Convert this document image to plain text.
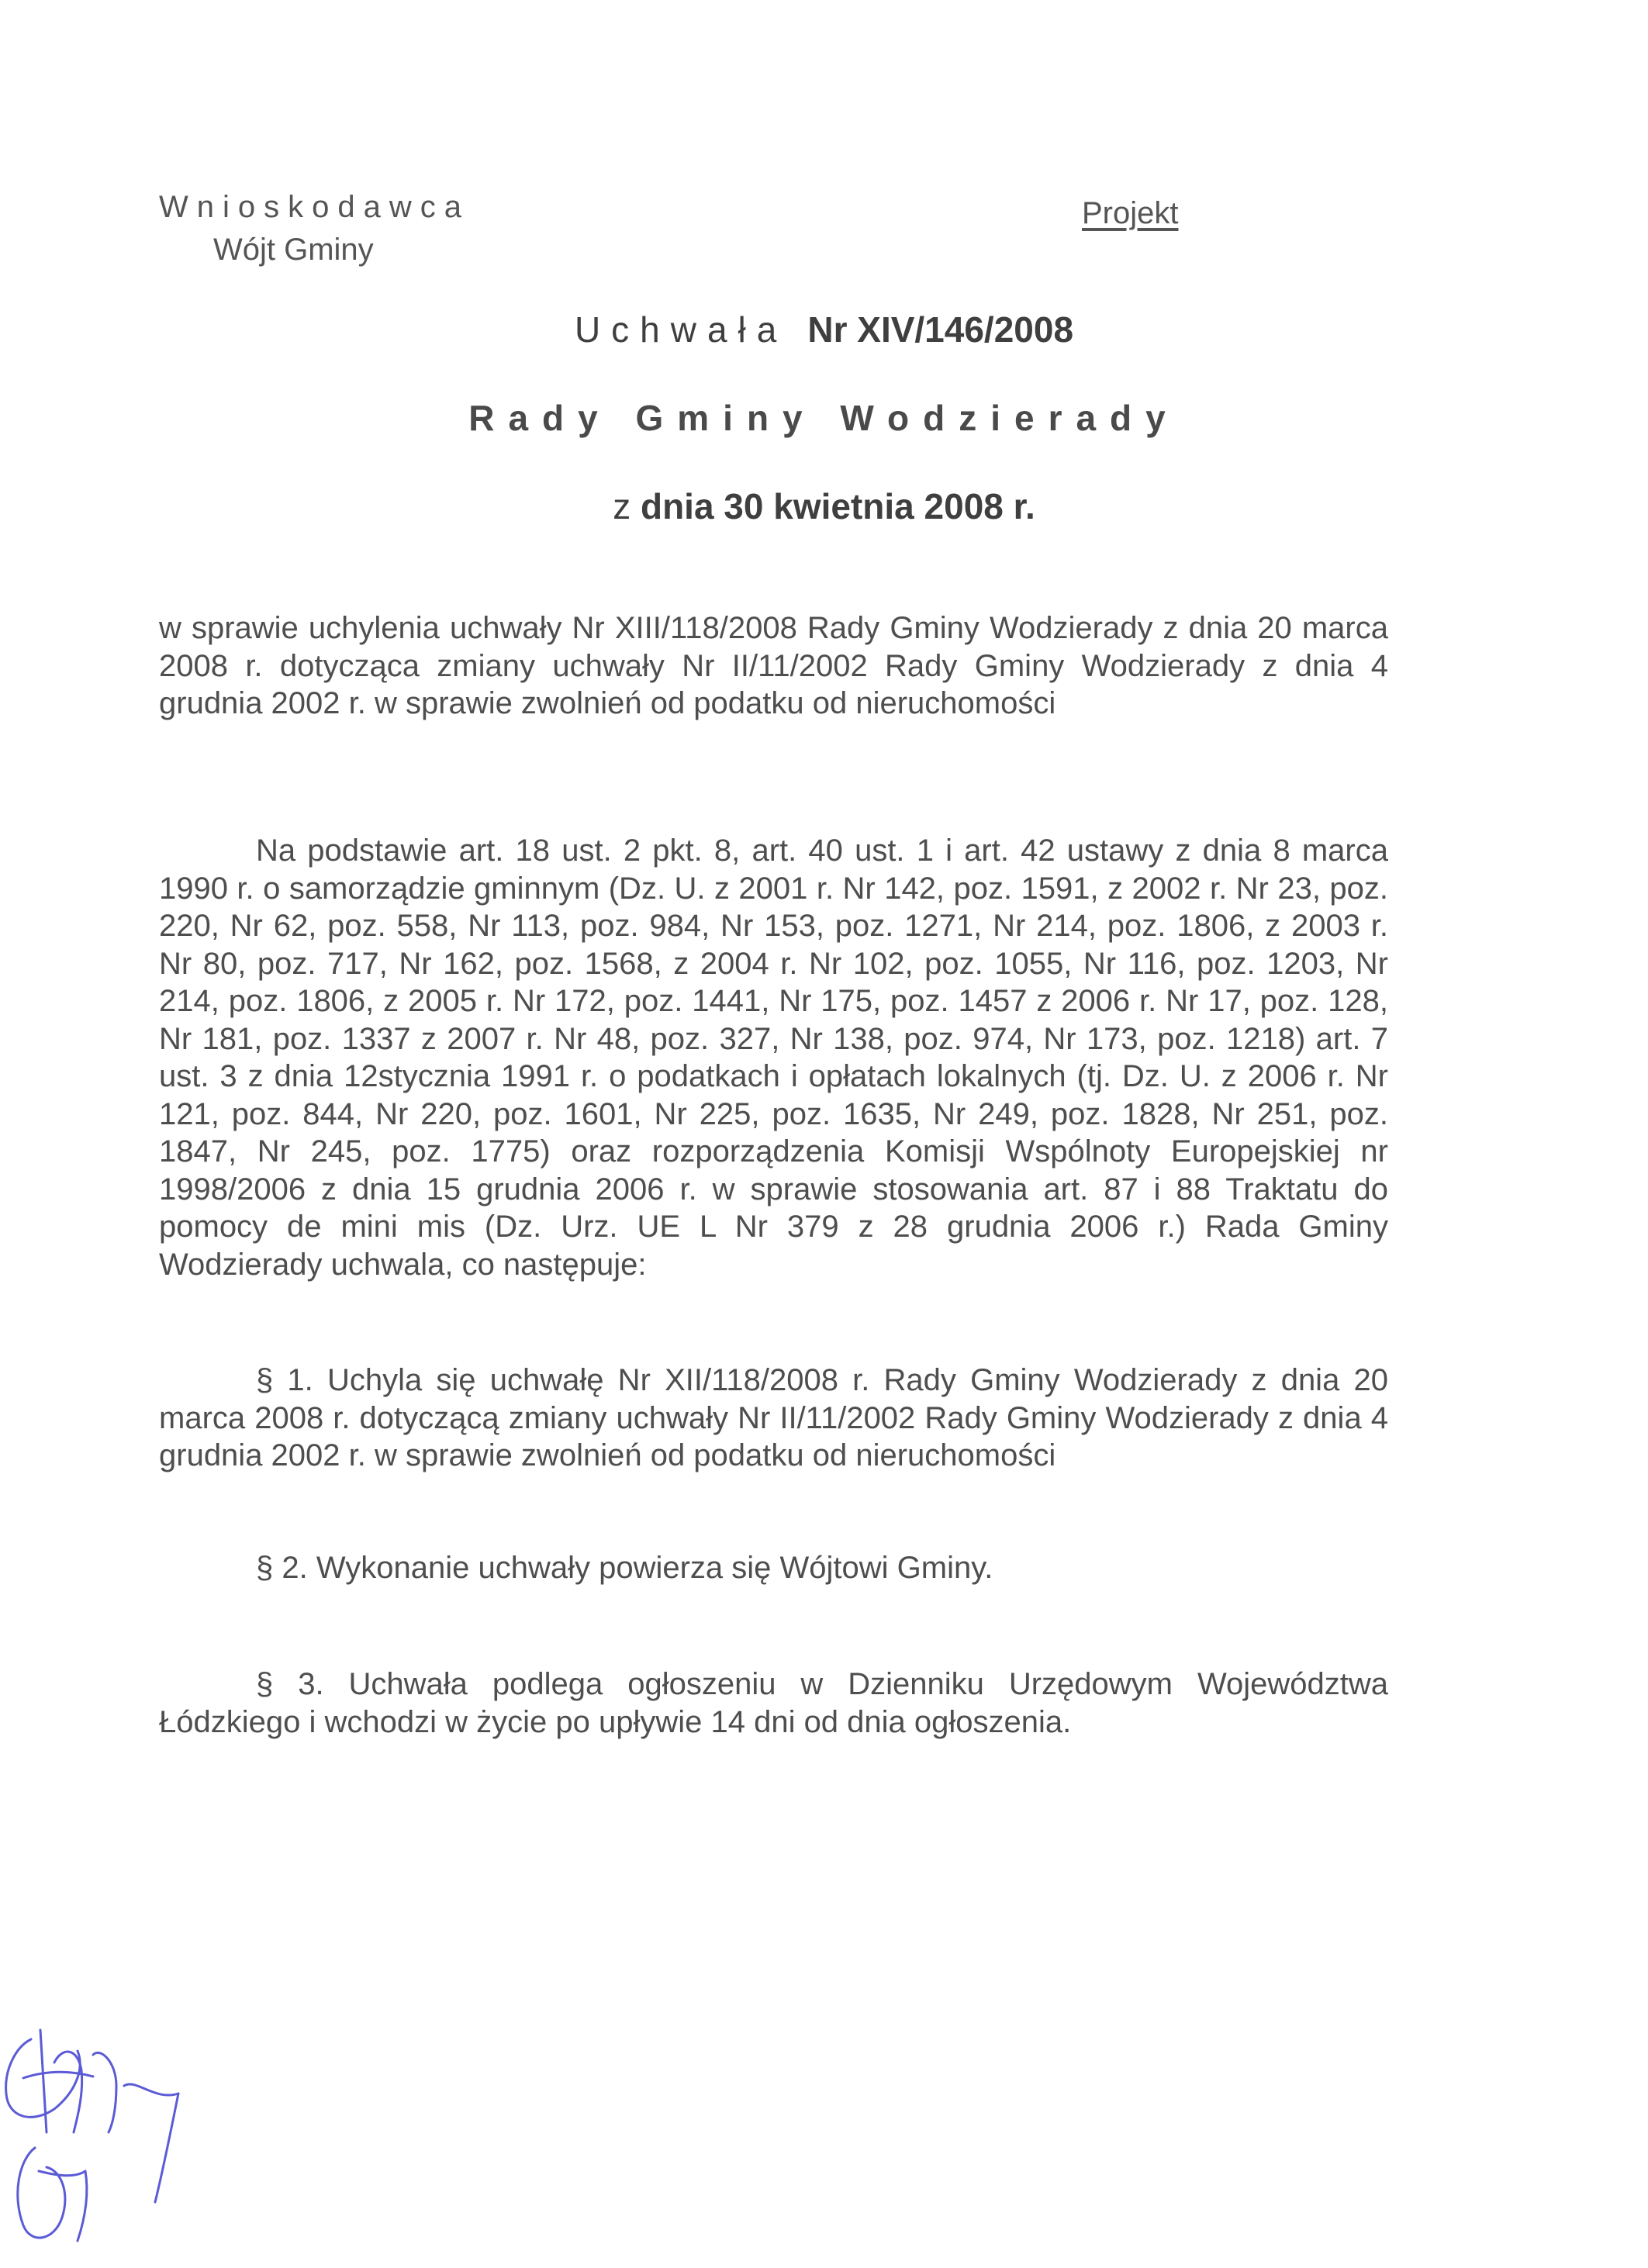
Wnioskodawca
Wójt Gminy
Projekt
Uchwała Nr XIV/146/2008
Rady Gminy Wodzierady
z dnia 30 kwietnia 2008 r.

w sprawie uchylenia uchwały Nr XIII/118/2008 Rady Gminy Wodzierady z dnia 20 marca 2008 r. dotycząca zmiany uchwały Nr II/11/2002 Rady Gminy Wodzierady z dnia 4 grudnia 2002 r. w sprawie zwolnień od podatku od nieruchomości

Na podstawie art. 18 ust. 2 pkt. 8, art. 40 ust. 1 i art. 42 ustawy z dnia 8 marca 1990 r. o samorządzie gminnym (Dz. U. z 2001 r. Nr 142, poz. 1591, z 2002 r. Nr 23, poz. 220, Nr 62, poz. 558, Nr 113, poz. 984, Nr 153, poz. 1271, Nr 214, poz. 1806, z 2003 r. Nr 80, poz. 717, Nr 162, poz. 1568, z 2004 r. Nr 102, poz. 1055, Nr 116, poz. 1203, Nr 214, poz. 1806, z 2005 r. Nr 172, poz. 1441, Nr 175, poz. 1457 z 2006 r. Nr 17, poz. 128, Nr 181, poz. 1337 z 2007 r. Nr 48, poz. 327, Nr 138, poz. 974, Nr 173, poz. 1218) art. 7 ust. 3 z dnia 12stycznia 1991 r. o podatkach i opłatach lokalnych (tj. Dz. U. z 2006 r. Nr 121, poz. 844, Nr 220, poz. 1601, Nr 225, poz. 1635, Nr 249, poz. 1828, Nr 251, poz. 1847, Nr 245, poz. 1775) oraz rozporządzenia Komisji Wspólnoty Europejskiej nr 1998/2006 z dnia 15 grudnia 2006 r. w sprawie stosowania art. 87 i 88 Traktatu do pomocy de mini mis (Dz. Urz. UE L Nr 379 z 28 grudnia 2006 r.) Rada Gminy Wodzierady uchwala, co następuje:

§ 1. Uchyla się uchwałę Nr XII/118/2008 r. Rady Gminy Wodzierady z dnia 20 marca 2008 r. dotyczącą zmiany uchwały Nr II/11/2002 Rady Gminy Wodzierady z dnia 4 grudnia 2002 r. w sprawie zwolnień od podatku od nieruchomości

§ 2. Wykonanie uchwały powierza się Wójtowi Gminy.

§ 3. Uchwała podlega ogłoszeniu w Dzienniku Urzędowym Województwa Łódzkiego i wchodzi w życie po upływie 14 dni od dnia ogłoszenia.
